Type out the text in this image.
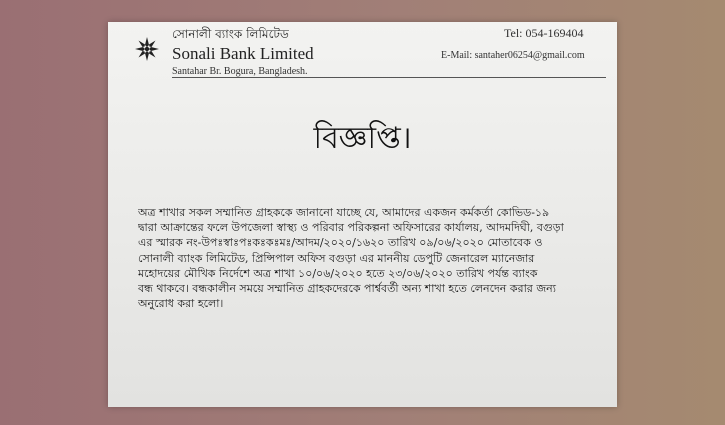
সোনালী ব্যাংক লিমিটেড
Sonali Bank Limited
Santahar Br. Bogura, Bangladesh.
Tel: 054-169404
E-Mail: santaher06254@gmail.com
বিজ্ঞপ্তি।
অত্র শাখার সকল সম্মানিত গ্রাহককে জানানো যাচ্ছে যে, আমাদের একজন কর্মকর্তা কোভিড-১৯
দ্বারা আক্রান্তের ফলে উপজেলা স্বাস্থ্য ও পরিবার পরিকল্পনা অফিসারের কার্যালয়, আদমদিঘী, বগুড়া
এর স্মারক নং-উপঃস্বাঃপঃকঃকঃমঃ/আদম/২০২০/১৬২০ তারিখ ০৯/০৬/২০২০ মোতাবেক ও
সোনালী ব্যাংক লিমিটেড, প্রিন্সিপাল অফিস বগুড়া এর মাননীয় ডেপুটি জেনারেল ম্যানেজার
মহোদয়ের মৌখিক নির্দেশে অত্র শাখা ১০/০৬/২০২০ হতে ২৩/০৬/২০২০ তারিখ পর্যন্ত ব্যাংক
বন্ধ থাকবে। বন্ধকালীন সময়ে সম্মানিত গ্রাহকদেরকে পার্শ্ববর্তী অন্য শাখা হতে লেনদেন করার জন্য
অনুরোধ করা হলো।
